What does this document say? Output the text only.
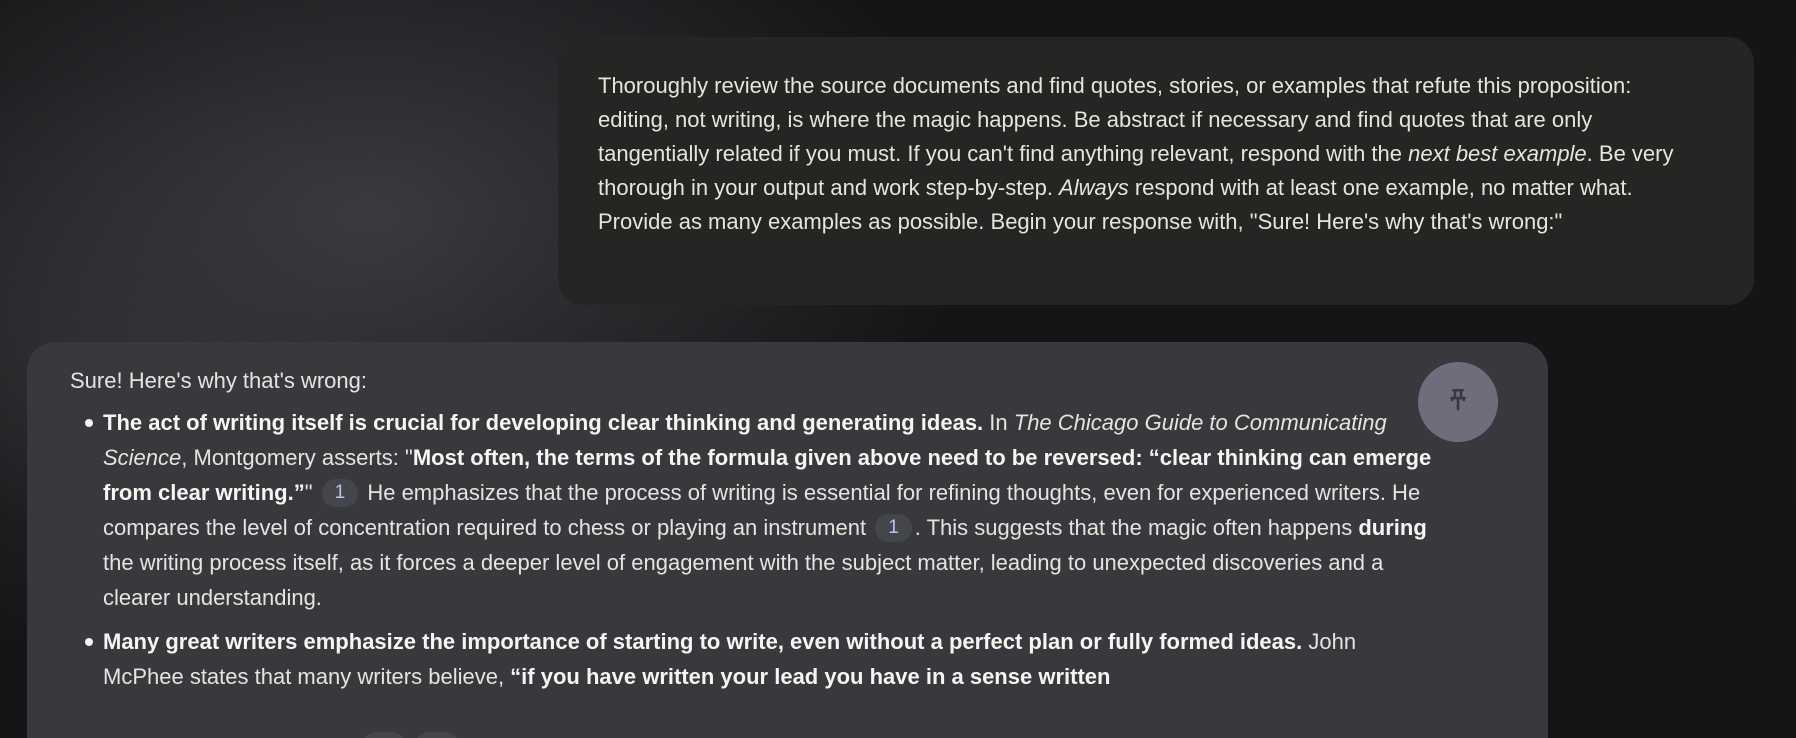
Thoroughly review the source documents and find quotes, stories, or examples that refute this proposition: editing, not writing, is where the magic happens. Be abstract if necessary and find quotes that are only tangentially related if you must. If you can't find anything relevant, respond with the next best example. Be very thorough in your output and work step-by-step. Always respond with at least one example, no matter what. Provide as many examples as possible. Begin your response with, "Sure! Here's why that's wrong:"
Sure! Here's why that's wrong:
The act of writing itself is crucial for developing clear thinking and generating ideas. In The Chicago Guide to Communicating Science, Montgomery asserts: "Most often, the terms of the formula given above need to be reversed: “clear thinking can emerge from clear writing.”" 1 He emphasizes that the process of writing is essential for refining thoughts, even for experienced writers. He compares the level of concentration required to chess or playing an instrument 1 . This suggests that the magic often happens during the writing process itself, as it forces a deeper level of engagement with the subject matter, leading to unexpected discoveries and a clearer understanding.
Many great writers emphasize the importance of starting to write, even without a perfect plan or fully formed ideas. John McPhee states that many writers believe, “if you have written your lead you have in a sense written
